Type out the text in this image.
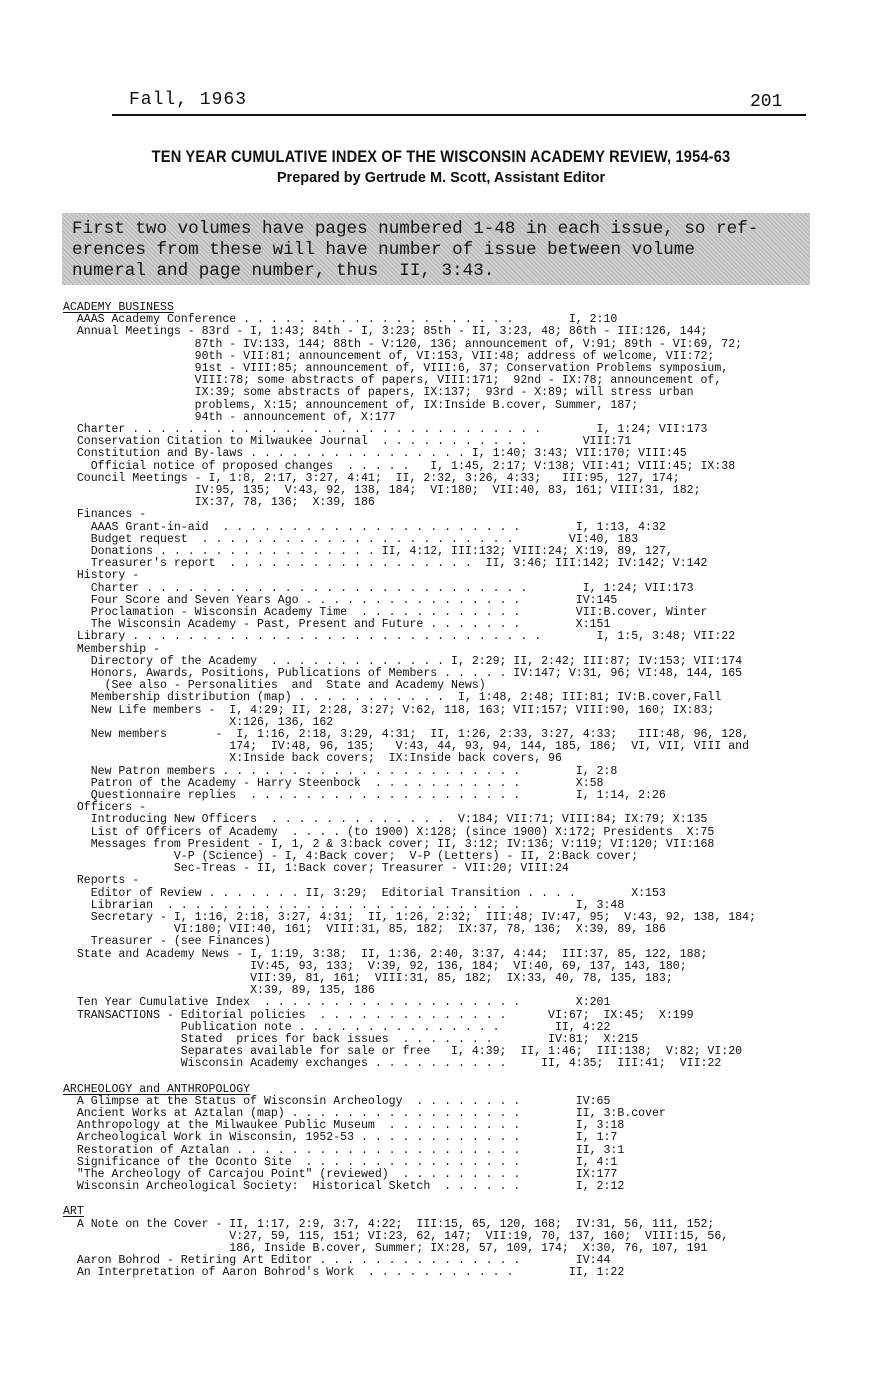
Fall, 1963	201
TEN YEAR CUMULATIVE INDEX OF THE WISCONSIN ACADEMY REVIEW, 1954-63
Prepared by Gertrude M. Scott, Assistant Editor
First two volumes have pages numbered 1-48 in each issue, so ref-
erences from these will have number of issue between volume
numeral and page number, thus  II, 3:43.
ACADEMY BUSINESS
AAAS Academy Conference . . . . . . . . . . . . . . . . . . . .        I, 2:10
Annual Meetings - 83rd - I, 1:43; 84th - I, 3:23; 85th - II, 3:23, 48; 86th - III:126, 144;
87th - IV:133, 144; 88th - V:120, 136; announcement of, V:91; 89th - VI:69, 72;
90th - VII:81; announcement of, VI:153, VII:48; address of welcome, VII:72;
91st - VIII:85; announcement of, VIII:6, 37; Conservation Problems symposium,
VIII:78; some abstracts of papers, VIII:171;  92nd - IX:78; announcement of,
IX:39; some abstracts of papers, IX:137;  93rd - X:89; will stress urban
problems, X:15; announcement of, IX:Inside B.cover, Summer, 187;
94th - announcement of, X:177
Charter . . . . . . . . . . . . . . . . . . . . . . . . . . . . . .        I, 1:24; VII:173
Conservation Citation to Milwaukee Journal  . . . . . . . . . . .        VIII:71
Constitution and By-laws . . . . . . . . . . . . . . . . I, 1:40; 3:43; VII:170; VIII:45
Official notice of proposed changes  . . . . .   I, 1:45, 2:17; V:138; VII:41; VIII:45; IX:38
Council Meetings - I, 1:8, 2:17, 3:27, 4:41;  II, 2:32, 3:26, 4:33;   III:95, 127, 174;
IV:95, 135;  V:43, 92, 138, 184;  VI:180;  VII:40, 83, 161; VIII:31, 182;
IX:37, 78, 136;  X:39, 186
Finances -
AAAS Grant-in-aid  . . . . . . . . . . . . . . . . . . . . . .        I, 1:13, 4:32
Budget request  . . . . . . . . . . . . . . . . . . . . . . .        VI:40, 183
Donations . . . . . . . . . . . . . . . . II, 4:12, III:132; VIII:24; X:19, 89, 127,
Treasurer's report  . . . . . . . . . . . . . . . . . .  II, 3:46; III:142; IV:142; V:142
History -
Charter . . . . . . . . . . . . . . . . . . . . . . . . . . . .        I, 1:24; VII:173
Four Score and Seven Years Ago . . . . . . . . . . . . . . . .        IV:145
Proclamation - Wisconsin Academy Time  . . . . . . . . . . . .        VII:B.cover, Winter
The Wisconsin Academy - Past, Present and Future . . . . . . .        X:151
Library . . . . . . . . . . . . . . . . . . . . . . . . . . . . . .        I, 1:5, 3:48; VII:22
Membership -
Directory of the Academy  . . . . . . . . . . . . . I, 2:29; II, 2:42; III:87; IV:153; VII:174
Honors, Awards, Positions, Publications of Members . . . . . IV:147; V:31, 96; VI:48, 144, 165
(See also - Personalities  and  State and Academy News)
Membership distribution (map) . . . . . . . . . . .  I, 1:48, 2:48; III:81; IV:B.cover,Fall
New Life members -  I, 4:29; II, 2:28, 3:27; V:62, 118, 163; VII:157; VIII:90, 160; IX:83;
X:126, 136, 162
New members       -  I, 1:16, 2:18, 3:29, 4:31;  II, 1:26, 2:33, 3:27, 4:33;   III:48, 96, 128,
174;  IV:48, 96, 135;   V:43, 44, 93, 94, 144, 185, 186;  VI, VII, VIII and
X:Inside back covers;  IX:Inside back covers, 96
New Patron members . . . . . . . . . . . . . . . . . . . . . .        I, 2:8
Patron of the Academy - Harry Steenbock  . . . . . . . . . . .        X:58
Questionnaire replies  . . . . . . . . . . . . . . . . . . . .        I, 1:14, 2:26
Officers -
Introducing New Officers  . . . . . . . . . . . . .  V:184; VII:71; VIII:84; IX:79; X:135
List of Officers of Academy  . . . . (to 1900) X:128; (since 1900) X:172; Presidents  X:75
Messages from President - I, 1, 2 & 3:back cover; II, 3:12; IV:136; V:119; VI:120; VII:168
V-P (Science) - I, 4:Back cover;  V-P (Letters) - II, 2:Back cover;
Sec-Treas - II, 1:Back cover; Treasurer - VII:20; VIII:24
Reports -
Editor of Review . . . . . . . II, 3:29;  Editorial Transition . . . .        X:153
Librarian  . . . . . . . . . . . . . . . . . . . . . . . . . .        I, 3:48
Secretary - I, 1:16, 2:18, 3:27, 4:31;  II, 1:26, 2:32;  III:48; IV:47, 95;  V:43, 92, 138, 184;
VI:180; VII:40, 161;  VIII:31, 85, 182;  IX:37, 78, 136;  X:39, 89, 186
Treasurer - (see Finances)
State and Academy News - I, 1:19, 3:38;  II, 1:36, 2:40, 3:37, 4:44;  III:37, 85, 122, 188;
IV:45, 93, 133;  V:39, 92, 136, 184;  VI:40, 69, 137, 143, 180;
VII:39, 81, 161;  VIII:31, 85, 182;  IX:33, 40, 78, 135, 183;
X:39, 89, 135, 186
Ten Year Cumulative Index  . . . . . . . . . . . . . . . . . . .        X:201
TRANSACTIONS - Editorial policies  . . . . . . . . . . . . . .      VI:67;  IX:45;  X:199
Publication note . . . . . . . . . . . . . . .        II, 4:22
Stated  prices for back issues  . . . . . . .        IV:81;  X:215
Separates available for sale or free   I, 4:39;  II, 1:46;  III:138;  V:82; VI:20
Wisconsin Academy exchanges . . . . . . . . . .     II, 4:35;  III:41;  VII:22
ARCHEOLOGY and ANTHROPOLOGY
A Glimpse at the Status of Wisconsin Archeology  . . . . . . . .        IV:65
Ancient Works at Aztalan (map) . . . . . . . . . . . . . . . . .        II, 3:B.cover
Anthropology at the Milwaukee Public Museum  . . . . . . . . . .        I, 3:18
Archeological Work in Wisconsin, 1952-53 . . . . . . . . . . . .        I, 1:7
Restoration of Aztalan . . . . . . . . . . . . . . . . . . . . .        II, 3:1
Significance of the Oconto Site  . . . . . . . . . . . . . . . .        I, 4:1
"The Archeology of Carcajou Point" (reviewed)  . . . . . . . . .        IX:177
Wisconsin Archeological Society:  Historical Sketch  . . . . . .        I, 2:12
ART
A Note on the Cover - II, 1:17, 2:9, 3:7, 4:22;  III:15, 65, 120, 168;  IV:31, 56, 111, 152;
V:27, 59, 115, 151; VI:23, 62, 147;  VII:19, 70, 137, 160;  VIII:15, 56,
186, Inside B.cover, Summer; IX:28, 57, 109, 174;  X:30, 76, 107, 191
Aaron Bohrod - Retiring Art Editor . . . . . . . . . . . . . . .        IV:44
An Interpretation of Aaron Bohrod's Work  . . . . . . . . . . .        II, 1:22
